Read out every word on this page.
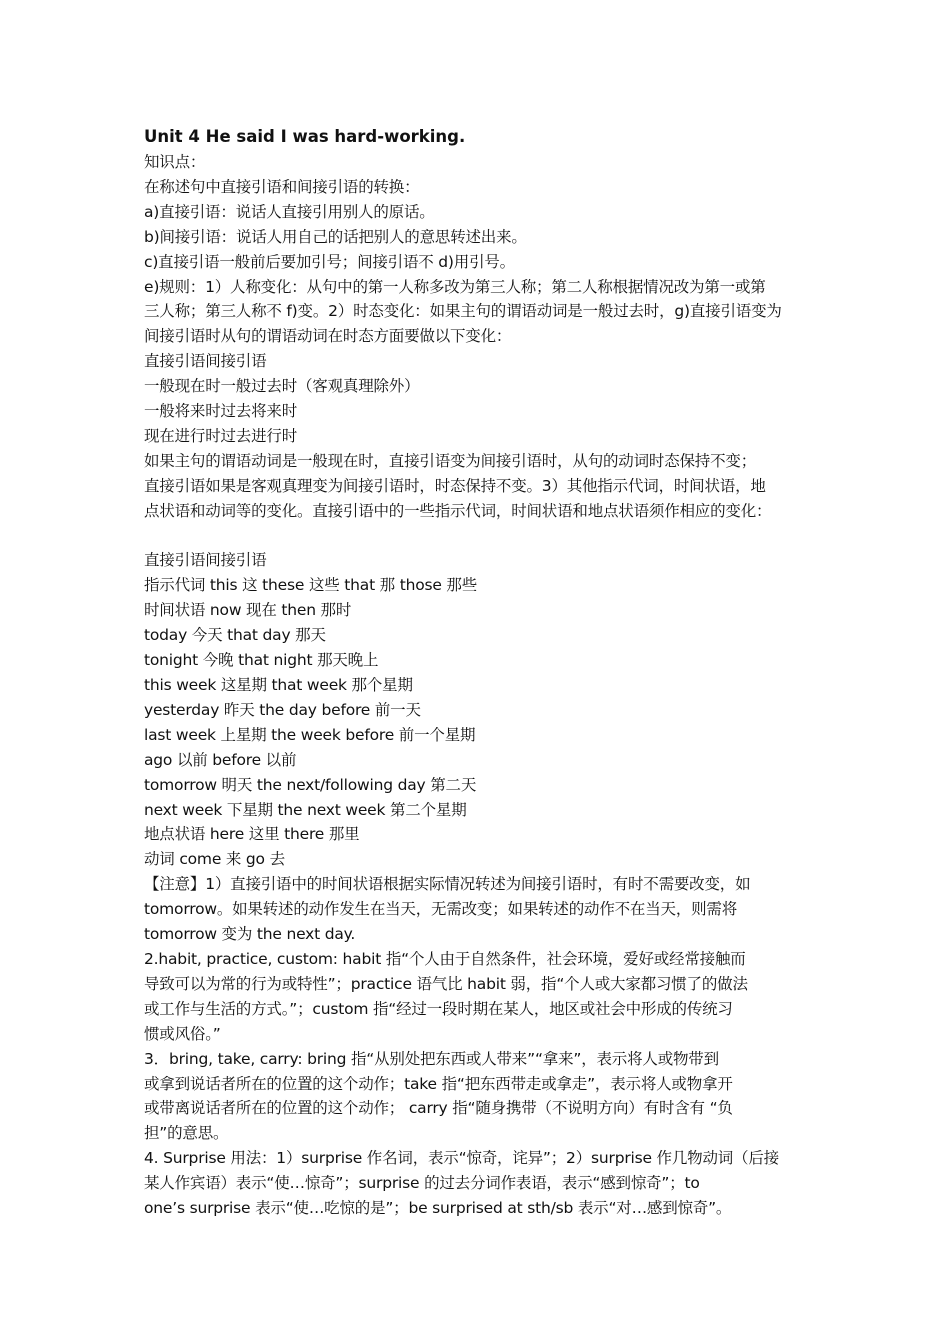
Unit 4 He said I was hard-working.
知识点：
在称述句中直接引语和间接引语的转换：
a)直接引语：说话人直接引用别人的原话。
b)间接引语：说话人用自己的话把别人的意思转述出来。
c)直接引语一般前后要加引号；间接引语不 d)用引号。
e)规则：1）人称变化：从句中的第一人称多改为第三人称；第二人称根据情况改为第一或第
三人称；第三人称不 f)变。2）时态变化：如果主句的谓语动词是一般过去时，g)直接引语变为
间接引语时从句的谓语动词在时态方面要做以下变化：
直接引语间接引语
一般现在时一般过去时（客观真理除外）
一般将来时过去将来时
现在进行时过去进行时
如果主句的谓语动词是一般现在时，直接引语变为间接引语时，从句的动词时态保持不变；
直接引语如果是客观真理变为间接引语时，时态保持不变。3）其他指示代词，时间状语，地
点状语和动词等的变化。直接引语中的一些指示代词，时间状语和地点状语须作相应的变化：
直接引语间接引语
指示代词 this 这 these 这些 that 那 those 那些
时间状语 now 现在 then 那时
today 今天 that day 那天
tonight 今晚 that night 那天晚上
this week 这星期 that week 那个星期
yesterday 昨天 the day before 前一天
last week 上星期 the week before 前一个星期
ago 以前 before 以前
tomorrow 明天 the next/following day 第二天
next week 下星期 the next week 第二个星期
地点状语 here 这里 there 那里
动词 come 来 go 去
【注意】1）直接引语中的时间状语根据实际情况转述为间接引语时，有时不需要改变，如
tomorrow。如果转述的动作发生在当天，无需改变；如果转述的动作不在当天，则需将
tomorrow 变为 the next day.
2.habit, practice, custom: habit 指“个人由于自然条件，社会环境，爱好或经常接触而
导致可以为常的行为或特性”；practice 语气比 habit 弱，指“个人或大家都习惯了的做法
或工作与生活的方式。”；custom 指“经过一段时期在某人，地区或社会中形成的传统习
惯或风俗。”
3．bring, take, carry: bring 指“从别处把东西或人带来”“拿来”，表示将人或物带到
或拿到说话者所在的位置的这个动作；take 指“把东西带走或拿走”，表示将人或物拿开
或带离说话者所在的位置的这个动作； carry 指“随身携带（不说明方向）有时含有 “负
担”的意思。
4. Surprise 用法：1）surprise 作名词，表示“惊奇，诧异”；2）surprise 作几物动词（后接
某人作宾语）表示“使…惊奇”；surprise 的过去分词作表语，表示“感到惊奇”；to
one’s surprise 表示“使…吃惊的是”；be surprised at sth/sb 表示“对…感到惊奇”。
